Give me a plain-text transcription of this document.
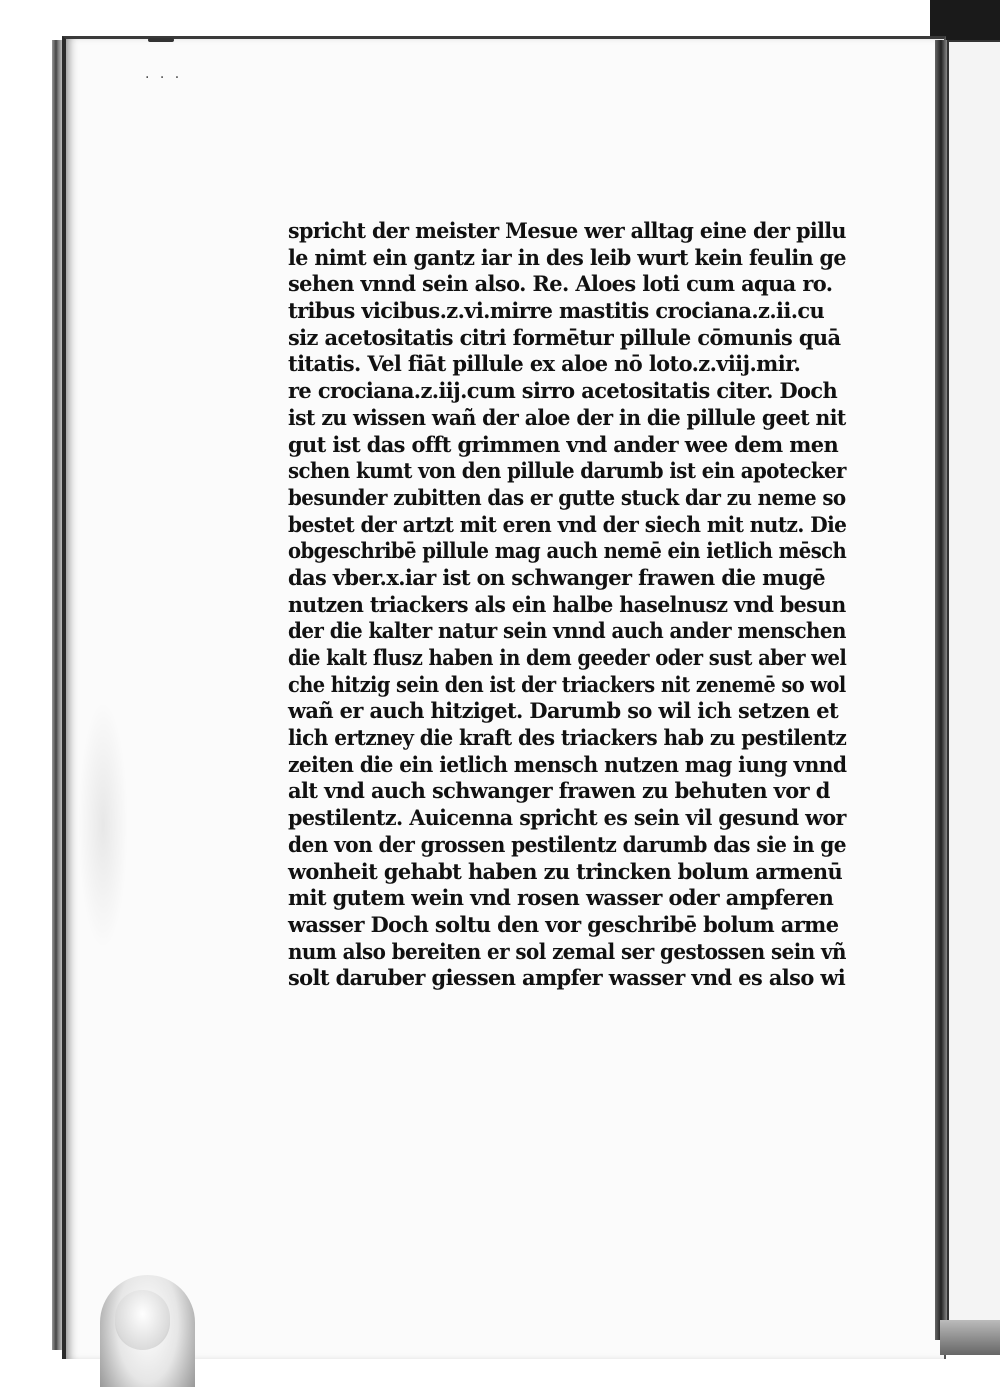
· · ·
spricht der meister Mesue wer alltag eine der pillu
le nimt ein gantz iar in des leib wurt kein feulin ge
sehen vnnd sein also. Re. Aloes loti cum aqua ro.
tribus vicibus.z.vi.mirre mastitis crociana.z.ii.cu
siz acetositatis citri formētur pillule cōmunis quā
titatis. Vel fiāt pillule ex aloe nō loto.z.viij.mir.
re crociana.z.iij.cum sirro acetositatis citer. Doch
ist zu wissen wañ der aloe der in die pillule geet nit
gut ist das offt grimmen vnd ander wee dem men
schen kumt von den pillule darumb ist ein apotecker
besunder zubitten das er gutte stuck dar zu neme so
bestet der artzt mit eren vnd der siech mit nutz. Die
obgeschribē pillule mag auch nemē ein ietlich mēsch
das vber.x.iar ist on schwanger frawen die mugē
nutzen triackers als ein halbe haselnusz vnd besun
der die kalter natur sein vnnd auch ander menschen
die kalt flusz haben in dem geeder oder sust aber wel
che hitzig sein den ist der triackers nit zenemē so wol
wañ er auch hitziget. Darumb so wil ich setzen et
lich ertzney die kraft des triackers hab zu pestilentz
zeiten die ein ietlich mensch nutzen mag iung vnnd
alt vnd auch schwanger frawen zu behuten vor d
pestilentz. Auicenna spricht es sein vil gesund wor
den von der grossen pestilentz darumb das sie in ge
wonheit gehabt haben zu trincken bolum armenū
mit gutem wein vnd rosen wasser oder ampferen
wasser Doch soltu den vor geschribē bolum arme
num also bereiten er sol zemal ser gestossen sein vñ
solt daruber giessen ampfer wasser vnd es also wi
